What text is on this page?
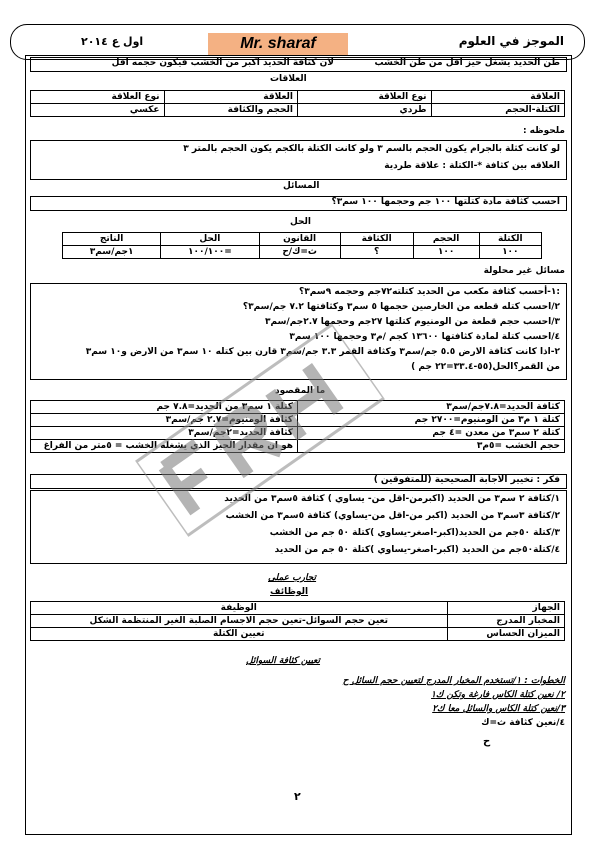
الموجز في العلوم
اول ع ٢٠١٤	Mr. sharaf
طن الحديد يشغل حيز اقل من طن الخشب
لان كثافة الحديد اكبر من الخشب فيكون حجمه اقل
العلاقات
العلاقة	نوع العلاقة	العلاقة	نوع العلاقة
الكتلة-الحجم	طردي	الحجم والكثافة	عكسي
ملحوظه :
لو كانت كثلة بالجرام يكون الحجم بالسم ٣ ولو كانت الكتلة بالكجم يكون الحجم بالمتر ٣
العلاقه بين كثافة *-الكتلة : علاقة طردية
المسائل
احسب كثافة مادة كتلتها ١٠٠ جم وحجمها ١٠٠ سم٣؟
الحل
الكتلة	الحجم	الكثافة	القانون	الحل	الناتج
١٠٠	١٠٠	؟	ث=ك/ح	=١٠٠/١٠٠	١جم/سم٣
مسائل غير محلولة
:١-أحسب كثافة مكعب من الحديد كتلته٧٢جم وحجمه ٩سم٣؟
٢/احسب كتله قطعه من الخارصين حجمها ٥ سم٣ وكثافتها ٧.٢ جم/سم٣؟
٣/احسب حجم قطعة من الومنيوم كتلتها ٢٧جم وحجمها ٢.٧جم/سم٣
٤/احسب كتلة لمادة كثافتها ١٣٦٠٠ كجم /م٣ وحجمها ١٠٠ سم٣
٢-اذا كانت كثافة الارض ٥.٥ جم/سم٣ وكثافة القمر ٣.٣ جم/سم٣ قارن بين كتله ١٠ سم٣ من الارض و١٠ سم٣
من القمر؟الحل(٥٥-٣٣.٤=٢٢ جم )
ما المقصود
كثافة الحديد=٧.٨جم/سم٣	كتلة ١ سم٣ من الحديد=٧.٨ جم
كتلة ١ م٣ من الومنيوم=٢٧٠٠ جم	كثافة الومنيوم=٢.٧ جم/سم٣
كتلة ٢ سم٣ من معدن =٤ جم	كثافة الحديد=٢جم/سم٣
حجم الخشب =٥م٣	هو ان مقدار الحيز الذي يشغله الخشب = ٥متر من الفراغ
فكر : تخيير الاجابة الصحيحية (للمتفوقين )
١/كثافة ٢ سم٣ من الحديد (اكبرمن-اقل من- يساوي ) كثافة ٥سم٣ من الحديد
٢/كثافة ٣سم٣ من الحديد (اكبر من-اقل من-يساوي) كثافة ٥سم٣ من الخشب
٣/كتلة ٥٠جم من الحديد(اكبر-اصغر-يساوي )كتلة ٥٠ جم من الخشب
٤/كتلة٥٠جم من الحديد (اكبر-اصغر-يساوي )كتلة ٥٠ جم من الحديد
تجارب عملى
الوظائف
الجهاز	الوظيفة
المخبار المدرج	تعين حجم السوائل-تعين حجم الاجسام الصلبة الغير المنتظمة الشكل
الميزان الحساس	تعيين الكتلة
تعيين كثافة السوائل
الخطوات : ١/تستخدم المخبار المدرج لتعيين حجم السائل ح
٢/ نعين كتلة الكاس فارغة وتكن ك١
٣/نعين كتلة الكاس والسائل معا ك٢
٤/نعين كثافة ث=ك
ح
٢
